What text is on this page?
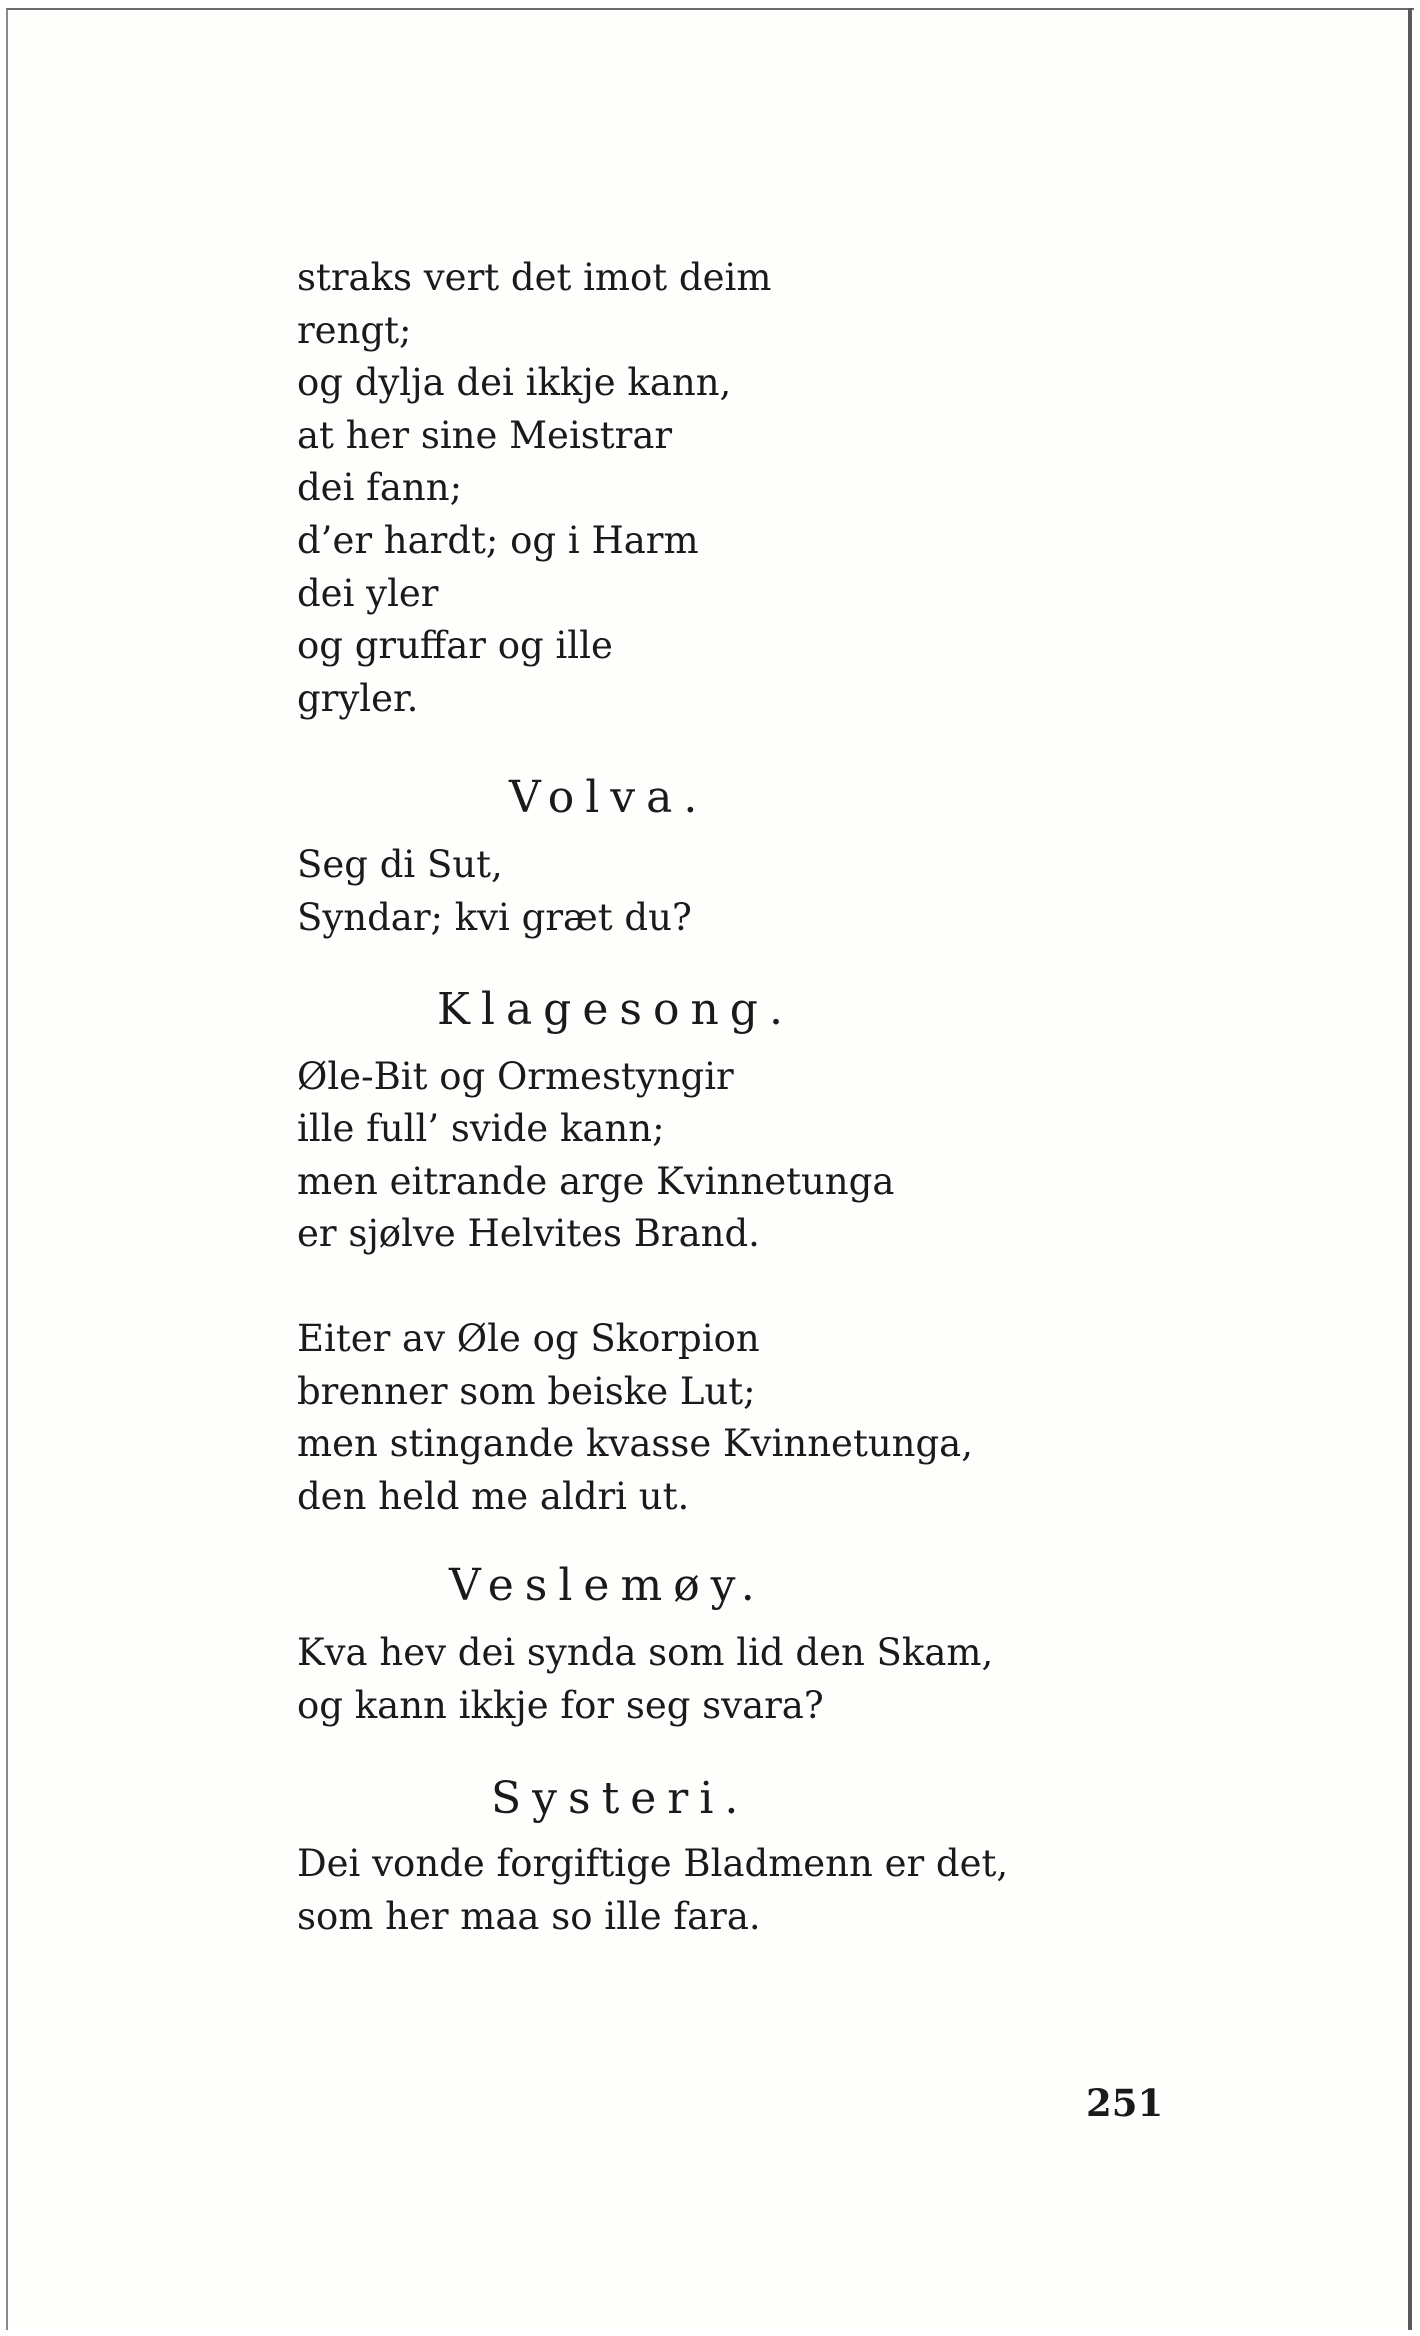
straks vert det imot deim

rengt;

og dylja dei ikkje kann,

at her sine Meistrar

dei fann;

d’er hardt; og i Harm

dei yler

og gruffar og ille

gryler.

Volva.

Seg di Sut,

Syndar; kvi græt du?

Klagesong.

Øle-Bit og Ormestyngir

ille full’ svide kann;

men eitrande arge Kvinnetunga

er sjølve Helvites Brand.

Eiter av Øle og Skorpion

brenner som beiske Lut;

men stingande kvasse Kvinnetunga,

den held me aldri ut.

Veslemøy.

Kva hev dei synda som lid den Skam,

og kann ikkje for seg svara?

Systeri.

Dei vonde forgiftige Bladmenn er det,

som her maa so ille fara.

251
